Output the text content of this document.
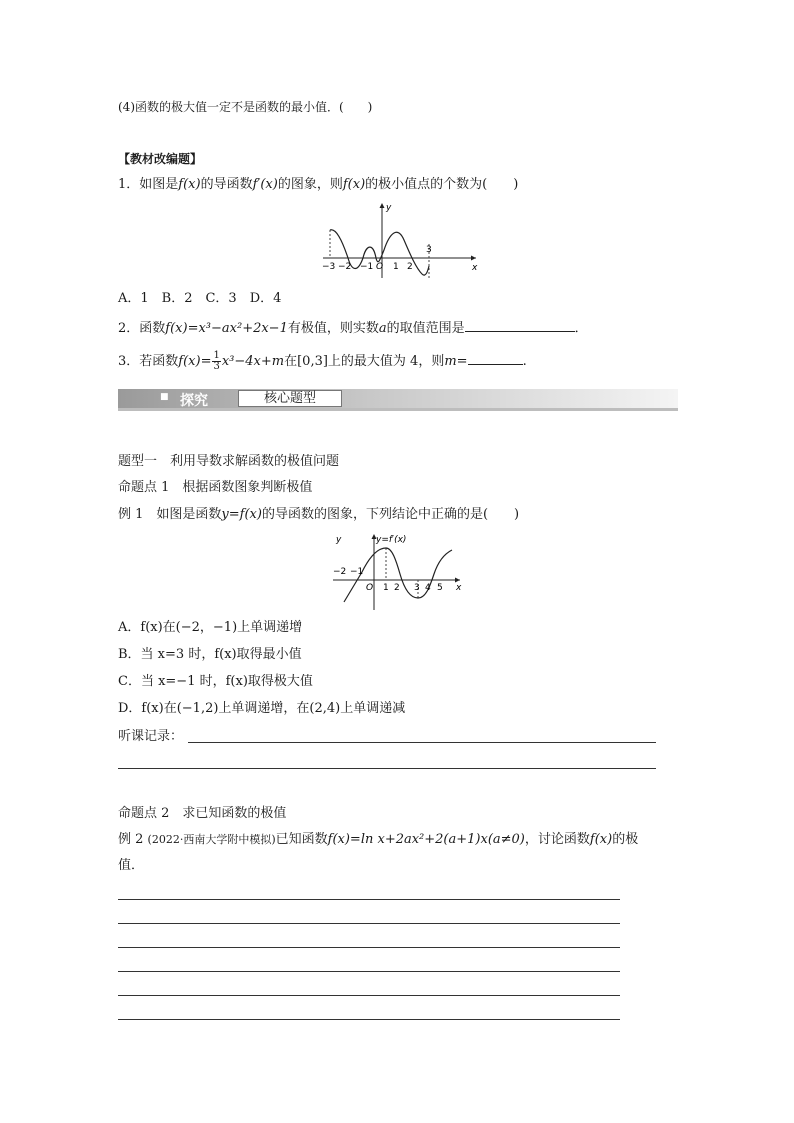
(4)函数的极大值一定不是函数的最小值．(　　)
【教材改编题】
1．如图是f(x)的导函数f′(x)的图象，则f(x)的极小值点的个数为(　　)
y
x
O
−3 −2 −1 1 2
3
A．1　B．2　C．3　D．4
2．函数f(x)=x³−ax²+2x−1有极值，则实数a的取值范围是	．
3．若函数$f(x)= \frac{1}{3} x^3-4x+m$在[0,3]上的最大值为 4，则m=	.
■ 探究	核心题型
题型一　利用导数求解函数的极值问题
命题点 1　根据函数图象判断极值
例 1　如图是函数y=f(x)的导函数的图象，下列结论中正确的是(　　)
y	y=f′(x)
x
O
−2 −1
1 2 3 4 5
A．f(x)在(−2，−1)上单调递增
B．当 x=3 时，f(x)取得最小值
C．当 x=−1 时，f(x)取得极大值
D．f(x)在(−1,2)上单调递增，在(2,4)上单调递减
听课记录：
命题点 2　求已知函数的极值
例 2 (2022·西南大学附中模拟)已知函数f(x)=ln x+2ax²+2(a+1)x(a≠0)，讨论函数f(x)的极
值．
